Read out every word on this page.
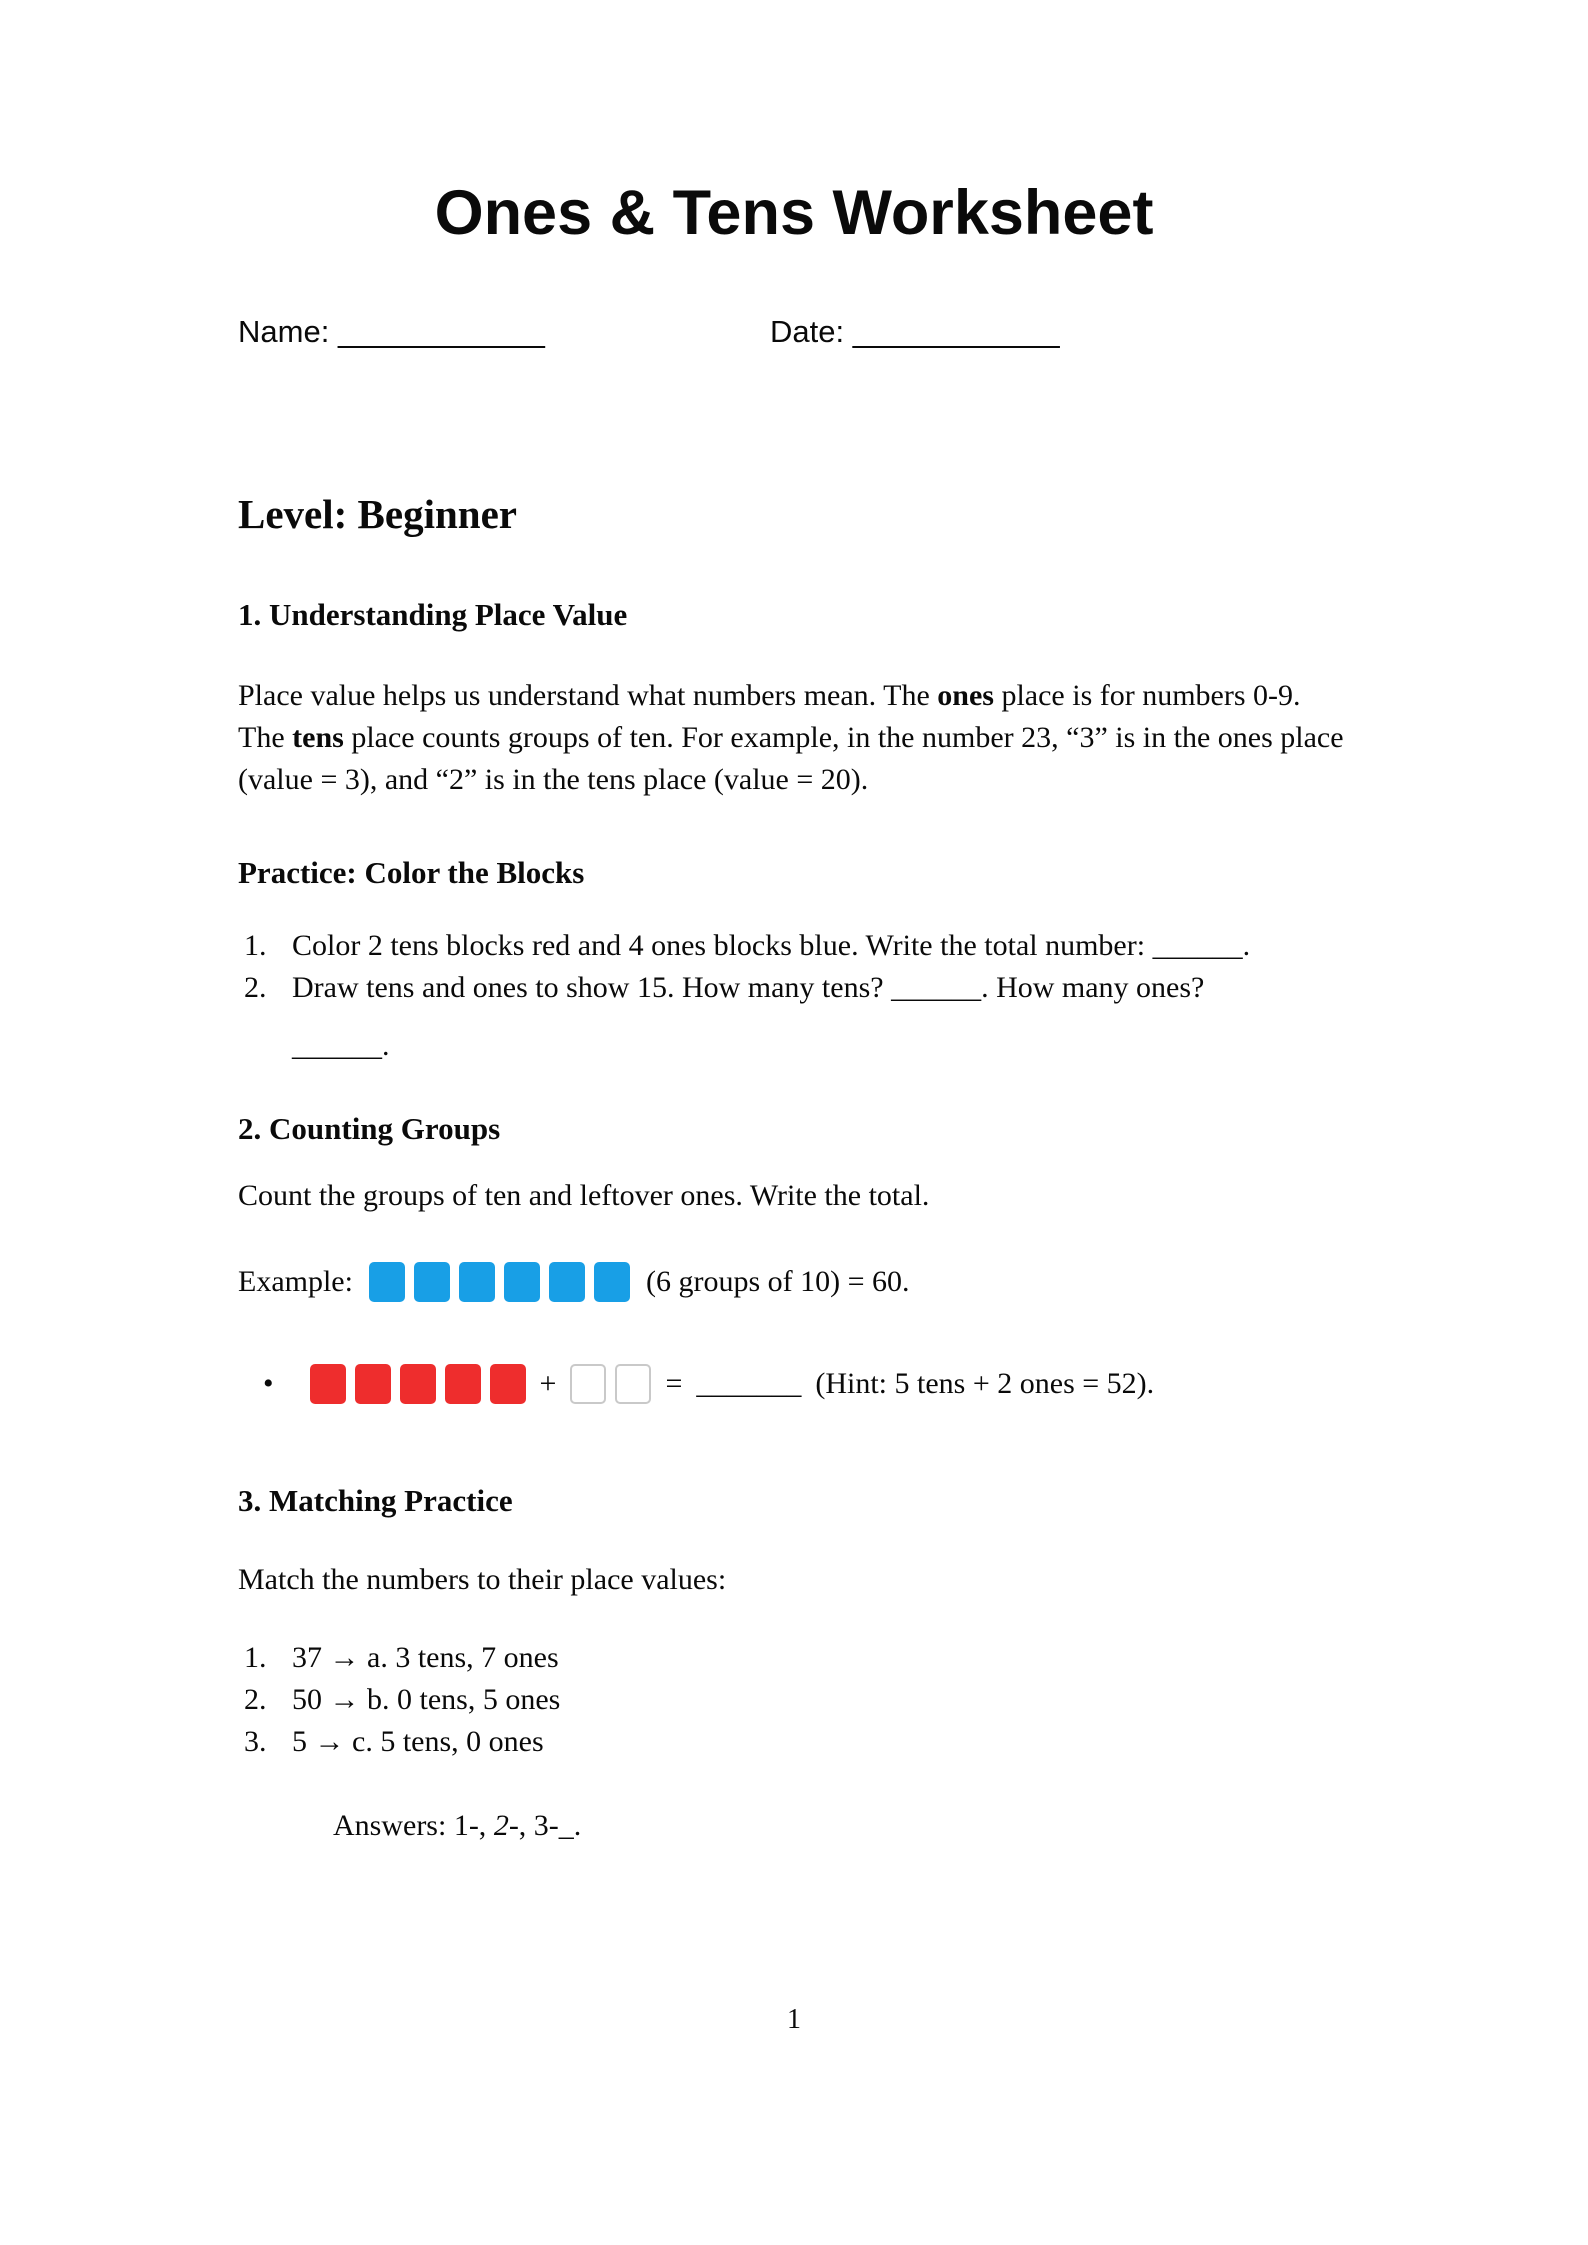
Ones & Tens Worksheet
Name: ____________	Date: ____________
Level: Beginner
1. Understanding Place Value

Place value helps us understand what numbers mean. The ones place is for numbers 0-9. The tens place counts groups of ten. For example, in the number 23, “3” is in the ones place (value = 3), and “2” is in the tens place (value = 20).

Practice: Color the Blocks
1. Color 2 tens blocks red and 4 ones blocks blue. Write the total number: ______.
2. Draw tens and ones to show 15. How many tens? ______. How many ones?
______.
2. Counting Groups

Count the groups of ten and leftover ones. Write the total.

Example:	(6 groups of 10) = 60.
•	+	= _______ (Hint: 5 tens + 2 ones = 52).
3. Matching Practice

Match the numbers to their place values:

1. 37 → a. 3 tens, 7 ones
2. 50 → b. 0 tens, 5 ones
3. 5 → c. 5 tens, 0 ones
Answers: 1-, 2-, 3-_.
1
